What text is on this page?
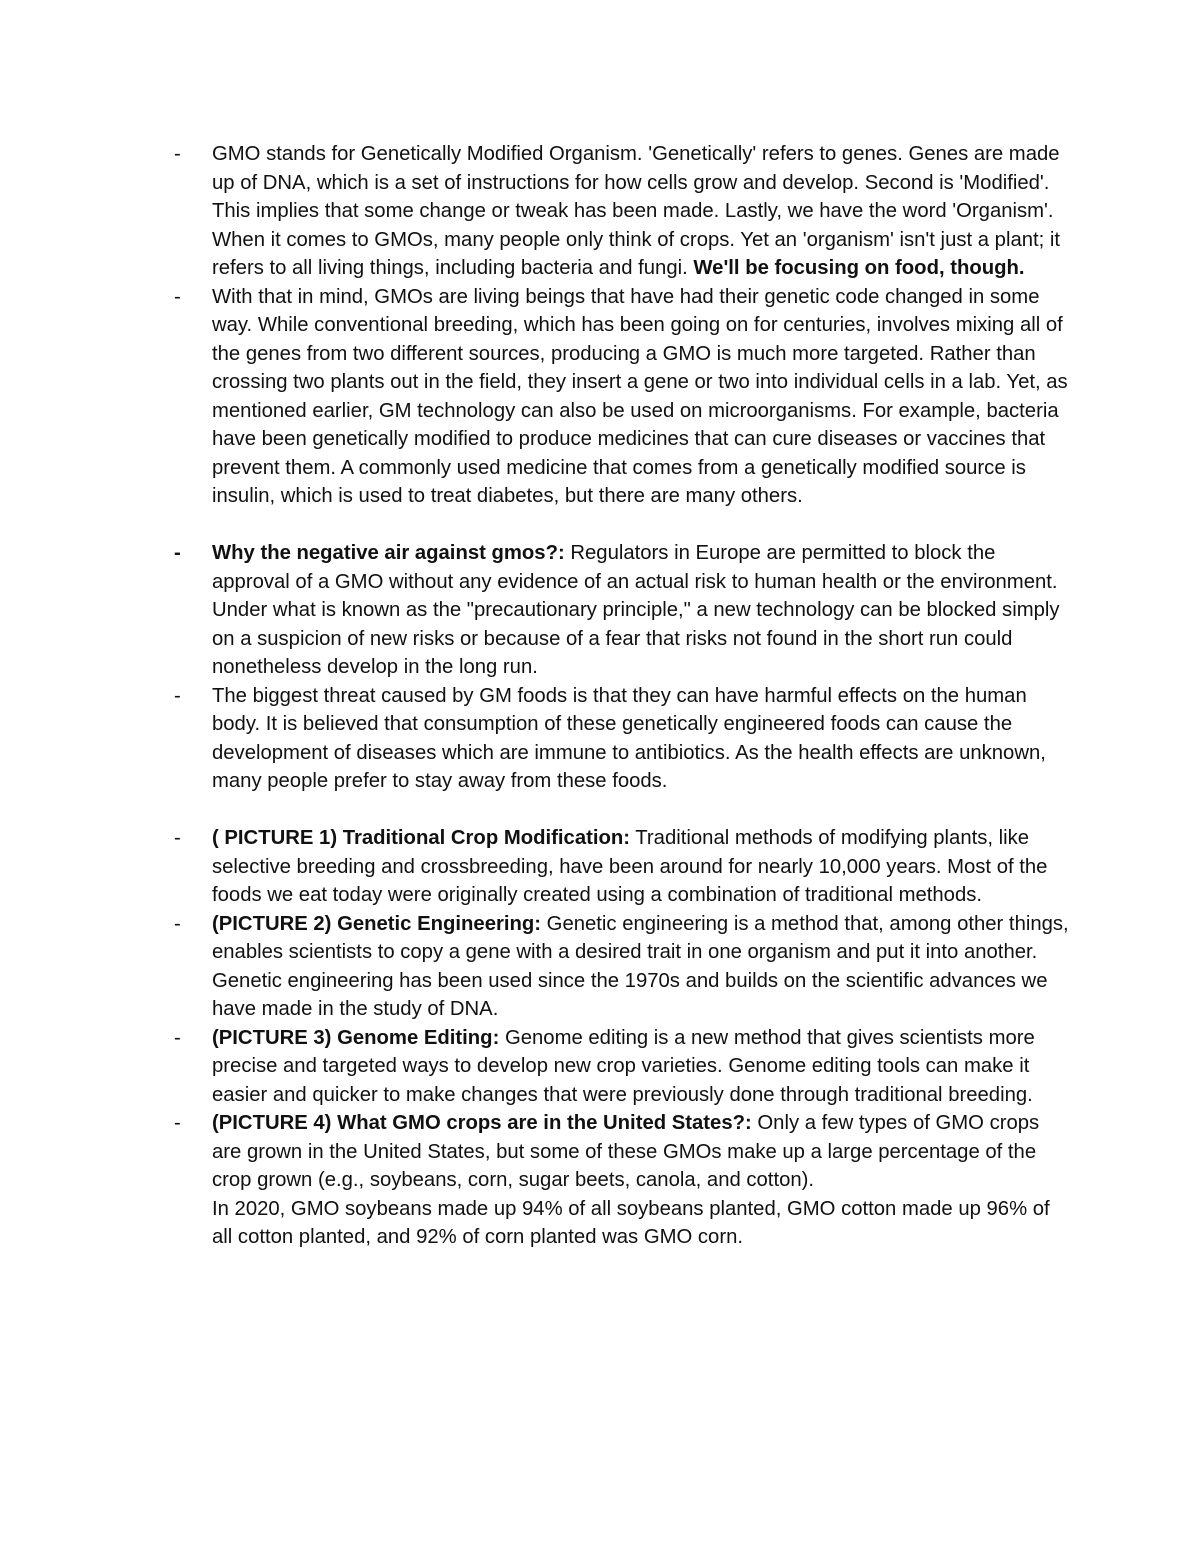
-	GMO stands for Genetically Modified Organism. 'Genetically' refers to genes. Genes are made up of DNA, which is a set of instructions for how cells grow and develop. Second is 'Modified'. This implies that some change or tweak has been made. Lastly, we have the word 'Organism'. When it comes to GMOs, many people only think of crops. Yet an 'organism' isn't just a plant; it refers to all living things, including bacteria and fungi. We'll be focusing on food, though.
-	With that in mind, GMOs are living beings that have had their genetic code changed in some way. While conventional breeding, which has been going on for centuries, involves mixing all of the genes from two different sources, producing a GMO is much more targeted. Rather than crossing two plants out in the field, they insert a gene or two into individual cells in a lab. Yet, as mentioned earlier, GM technology can also be used on microorganisms. For example, bacteria have been genetically modified to produce medicines that can cure diseases or vaccines that prevent them. A commonly used medicine that comes from a genetically modified source is insulin, which is used to treat diabetes, but there are many others.
-	Why the negative air against gmos?: Regulators in Europe are permitted to block the approval of a GMO without any evidence of an actual risk to human health or the environment. Under what is known as the "precautionary principle," a new technology can be blocked simply on a suspicion of new risks or because of a fear that risks not found in the short run could nonetheless develop in the long run.
-	The biggest threat caused by GM foods is that they can have harmful effects on the human body. It is believed that consumption of these genetically engineered foods can cause the development of diseases which are immune to antibiotics. As the health effects are unknown, many people prefer to stay away from these foods.
-	( PICTURE 1) Traditional Crop Modification: Traditional methods of modifying plants, like selective breeding and crossbreeding, have been around for nearly 10,000 years. Most of the foods we eat today were originally created using a combination of traditional methods.
-	(PICTURE 2) Genetic Engineering: Genetic engineering is a method that, among other things, enables scientists to copy a gene with a desired trait in one organism and put it into another. Genetic engineering has been used since the 1970s and builds on the scientific advances we have made in the study of DNA.
-	(PICTURE 3) Genome Editing: Genome editing is a new method that gives scientists more precise and targeted ways to develop new crop varieties. Genome editing tools can make it easier and quicker to make changes that were previously done through traditional breeding.
-	(PICTURE 4) What GMO crops are in the United States?: Only a few types of GMO crops are grown in the United States, but some of these GMOs make up a large percentage of the crop grown (e.g., soybeans, corn, sugar beets, canola, and cotton).
In 2020, GMO soybeans made up 94% of all soybeans planted, GMO cotton made up 96% of all cotton planted, and 92% of corn planted was GMO corn.
